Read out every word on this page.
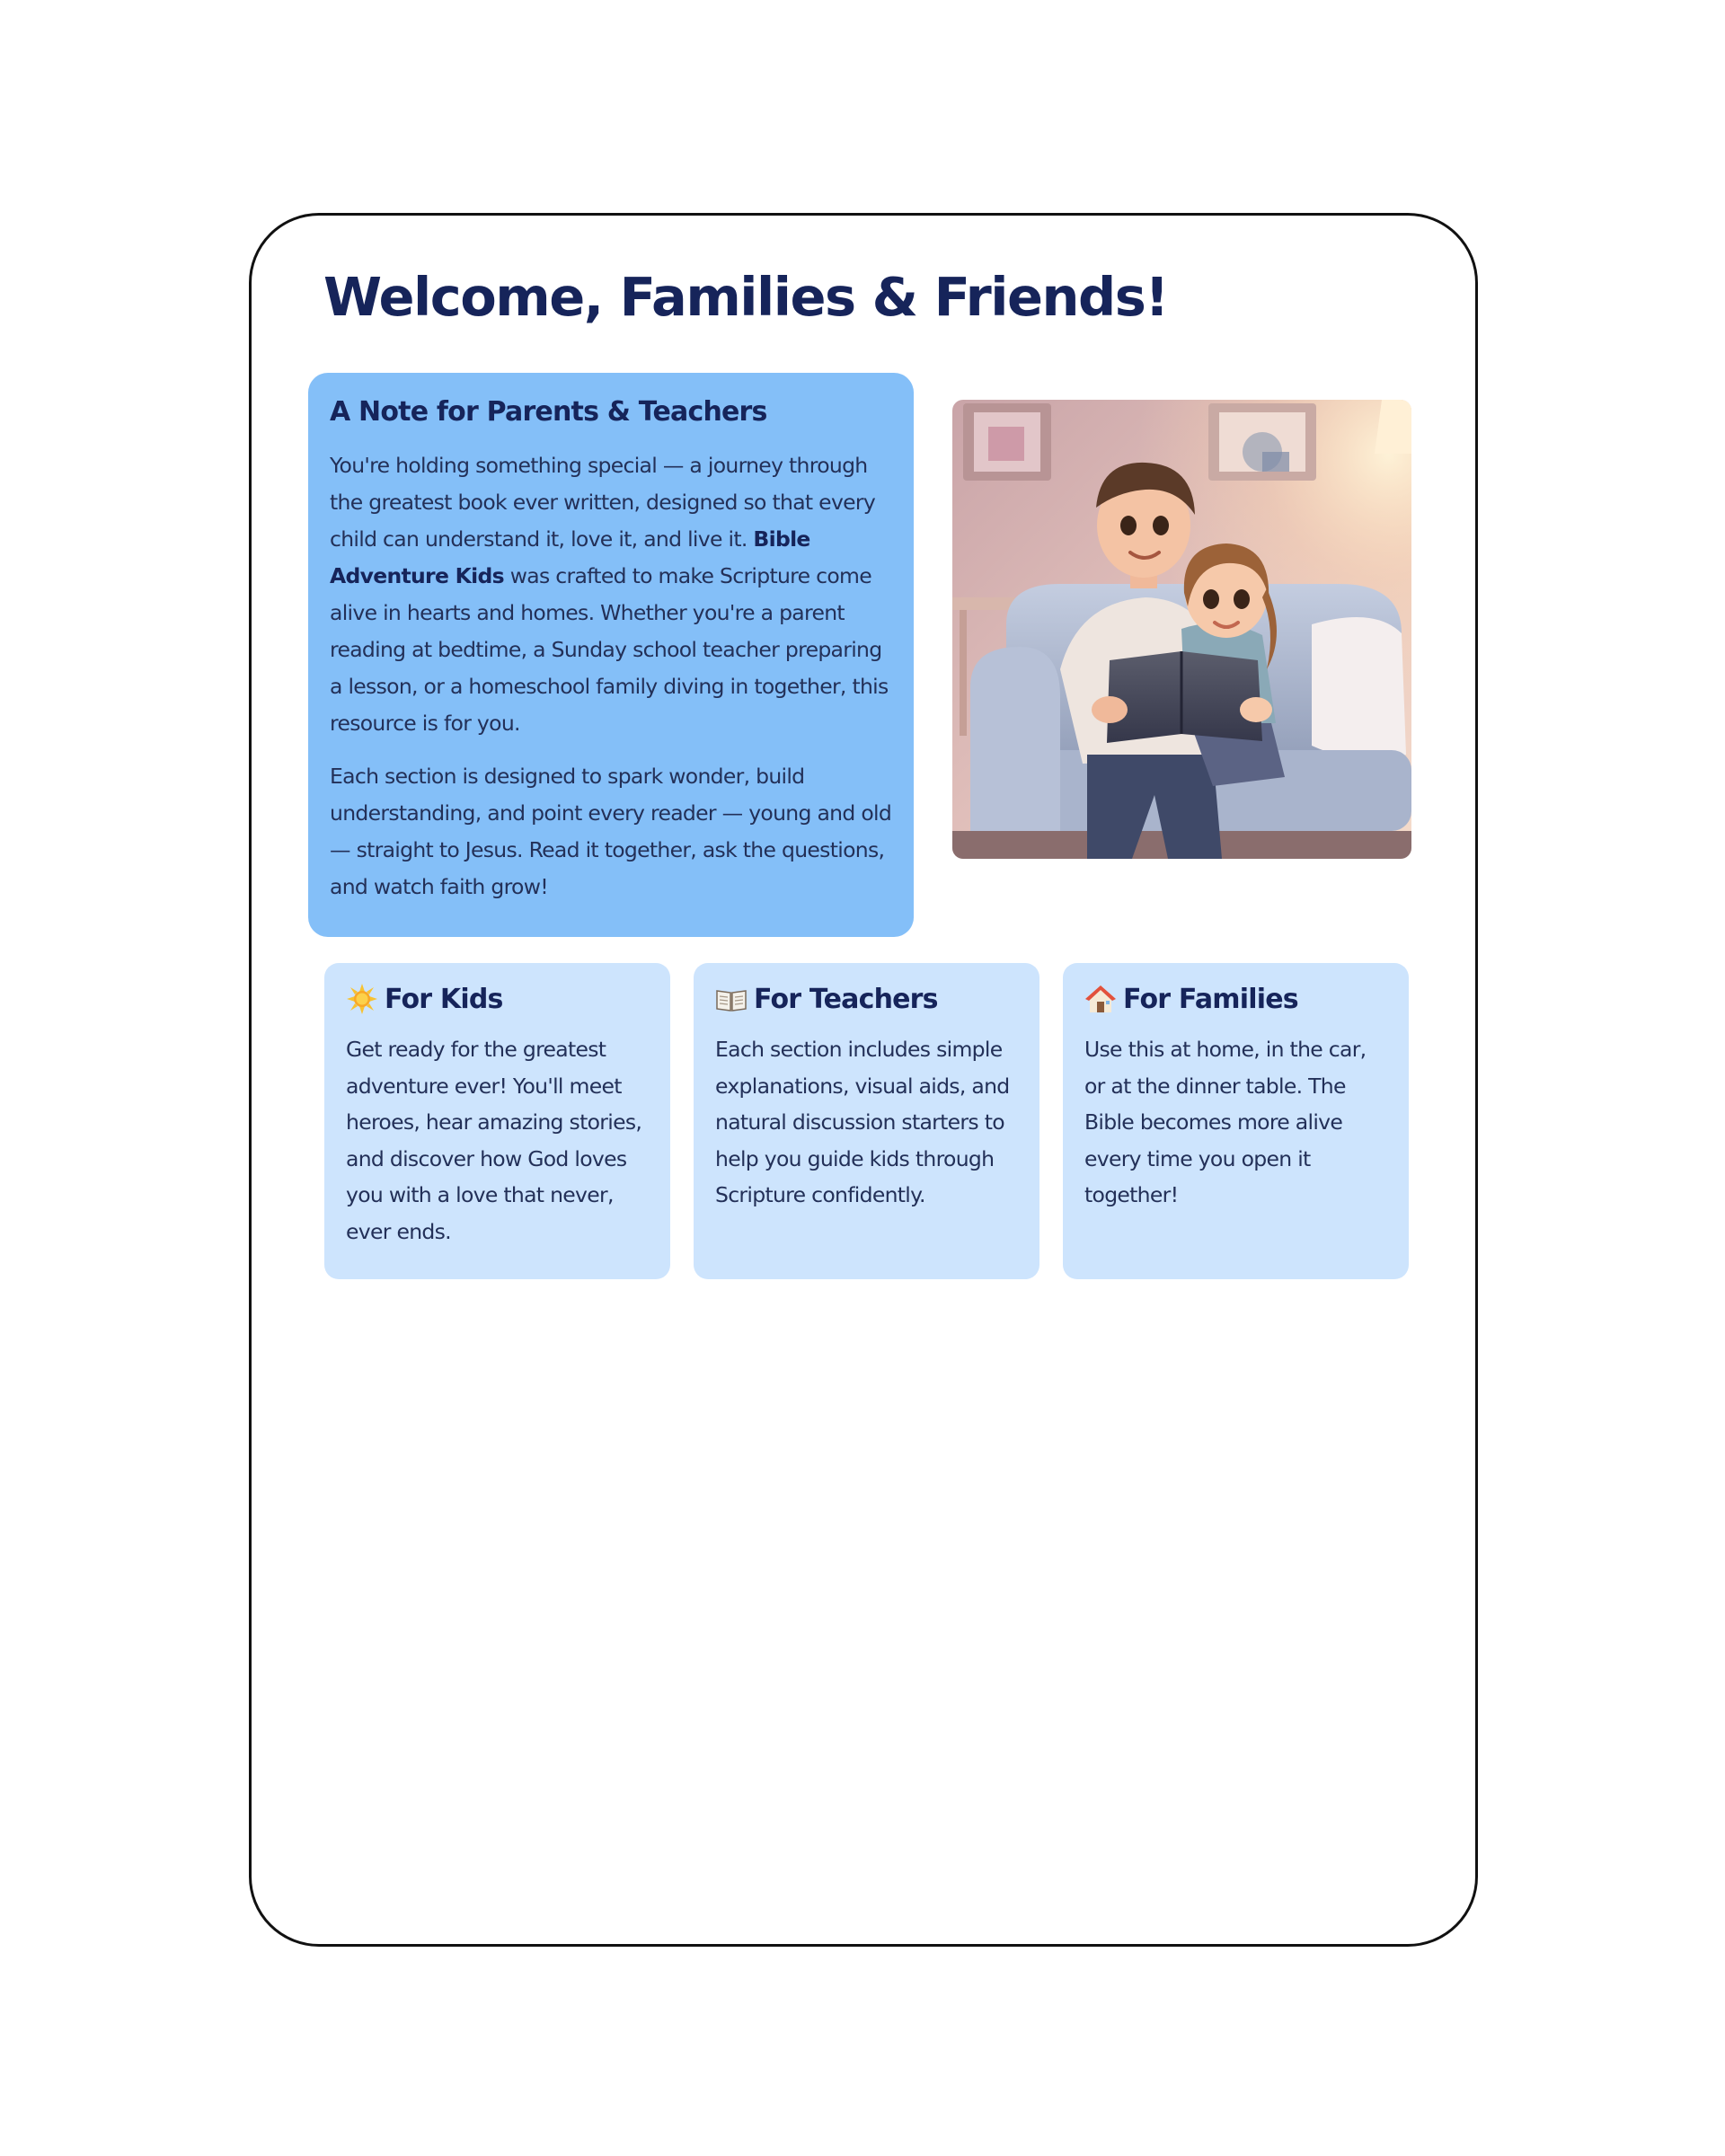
Welcome, Families & Friends!
A Note for Parents & Teachers

You're holding something special — a journey through the greatest book ever written, designed so that every child can understand it, love it, and live it. Bible Adventure Kids was crafted to make Scripture come alive in hearts and homes. Whether you're a parent reading at bedtime, a Sunday school teacher preparing a lesson, or a homeschool family diving in together, this resource is for you.

Each section is designed to spark wonder, build understanding, and point every reader — young and old — straight to Jesus. Read it together, ask the questions, and watch faith grow!

For Kids

Get ready for the greatest adventure ever! You'll meet heroes, hear amazing stories, and discover how God loves you with a love that never, ever ends.

For Teachers

Each section includes simple explanations, visual aids, and natural discussion starters to help you guide kids through Scripture confidently.

For Families

Use this at home, in the car, or at the dinner table. The Bible becomes more alive every time you open it together!
